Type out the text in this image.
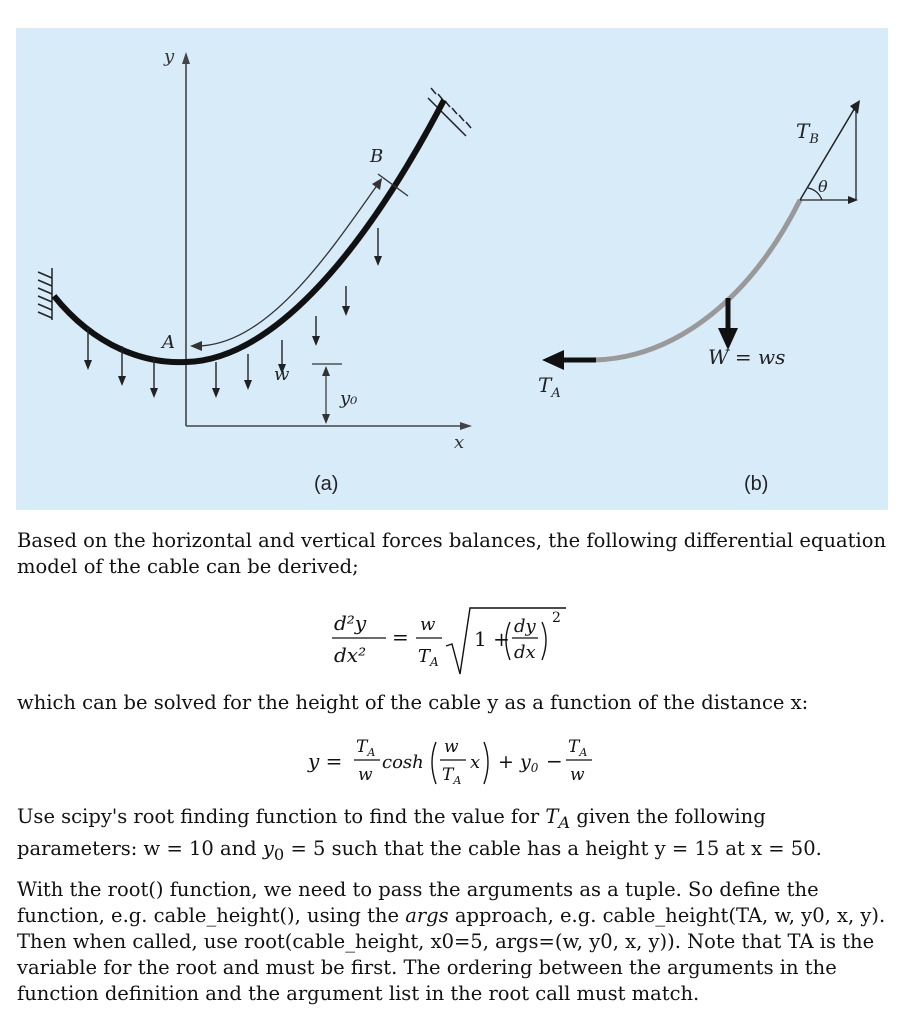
y
x
A
B
w
y₀
(a)
$T_A$
W = ws
θ
$T_B$
(b)

Based on the horizontal and vertical forces balances, the following differential equation model of the cable can be derived;

d²y
dx²
=
w
$T_A$
1 +
dy
dx
2

which can be solved for the height of the cable y as a function of the distance x:

y =
$T_A$
w
cosh
w
$T_A$
$x + y_0$ −
$T_A$
w

Use scipy's root finding function to find the value for $T_A$ given the following parameters: w = 10 and $y_0 = 5$ such that the cable has a height y = 15 at x = 50.

With the root() function, we need to pass the arguments as a tuple. So define the function, e.g. cable_height(), using the args approach, e.g. cable_height(TA, w, y0, x, y). Then when called, use root(cable_height, x0=5, args=(w, y0, x, y)). Note that TA is the variable for the root and must be first. The ordering between the arguments in the function definition and the argument list in the root call must match.
